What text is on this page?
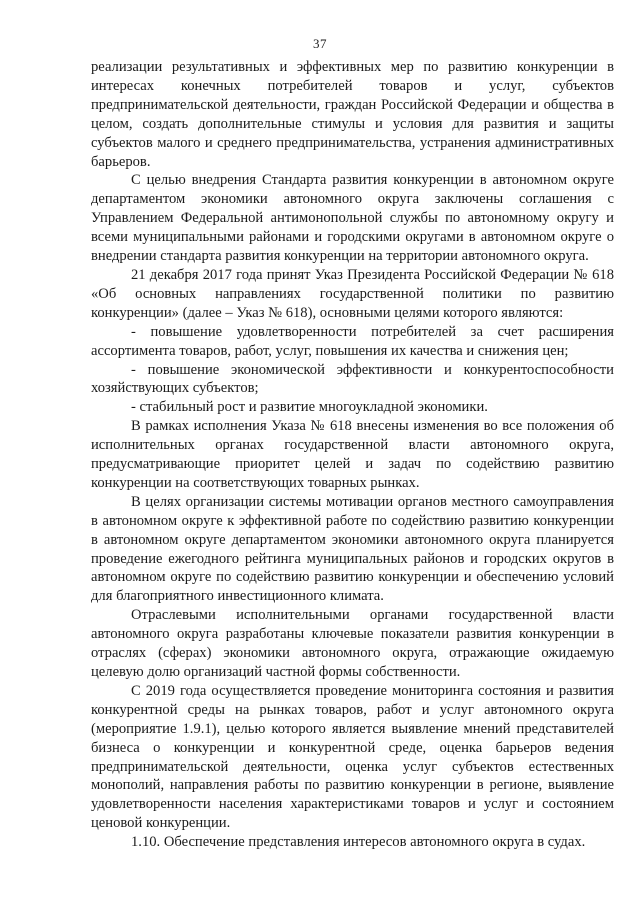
37

реализации результативных и эффективных мер по развитию конкуренции в интересах конечных потребителей товаров и услуг, субъектов предпринимательской деятельности, граждан Российской Федерации и общества в целом, создать дополнительные стимулы и условия для развития и защиты субъектов малого и среднего предпринимательства, устранения административных барьеров.

С целью внедрения Стандарта развития конкуренции в автономном округе департаментом экономики автономного округа заключены соглашения с Управлением Федеральной антимонопольной службы по автономному округу и всеми муниципальными районами и городскими округами в автономном округе о внедрении стандарта развития конкуренции на территории автономного округа.

21 декабря 2017 года принят Указ Президента Российской Федерации № 618 «Об основных направлениях государственной политики по развитию конкуренции» (далее – Указ № 618), основными целями которого являются:

- повышение удовлетворенности потребителей за счет расширения ассортимента товаров, работ, услуг, повышения их качества и снижения цен;

- повышение экономической эффективности и конкурентоспособности хозяйствующих субъектов;

- стабильный рост и развитие многоукладной экономики.

В рамках исполнения Указа № 618 внесены изменения во все положения об исполнительных органах государственной власти автономного округа, предусматривающие приоритет целей и задач по содействию развитию конкуренции на соответствующих товарных рынках.

В целях организации системы мотивации органов местного самоуправления в автономном округе к эффективной работе по содействию развитию конкуренции в автономном округе департаментом экономики автономного округа планируется проведение ежегодного рейтинга муниципальных районов и городских округов в автономном округе по содействию развитию конкуренции и обеспечению условий для благоприятного инвестиционного климата.

Отраслевыми исполнительными органами государственной власти автономного округа разработаны ключевые показатели развития конкуренции в отраслях (сферах) экономики автономного округа, отражающие ожидаемую целевую долю организаций частной формы собственности.

С 2019 года осуществляется проведение мониторинга состояния и развития конкурентной среды на рынках товаров, работ и услуг автономного округа (мероприятие 1.9.1), целью которого является выявление мнений представителей бизнеса о конкуренции и конкурентной среде, оценка барьеров ведения предпринимательской деятельности, оценка услуг субъектов естественных монополий, направления работы по развитию конкуренции в регионе, выявление удовлетворенности населения характеристиками товаров и услуг и состоянием ценовой конкуренции.

1.10. Обеспечение представления интересов автономного округа в судах.
